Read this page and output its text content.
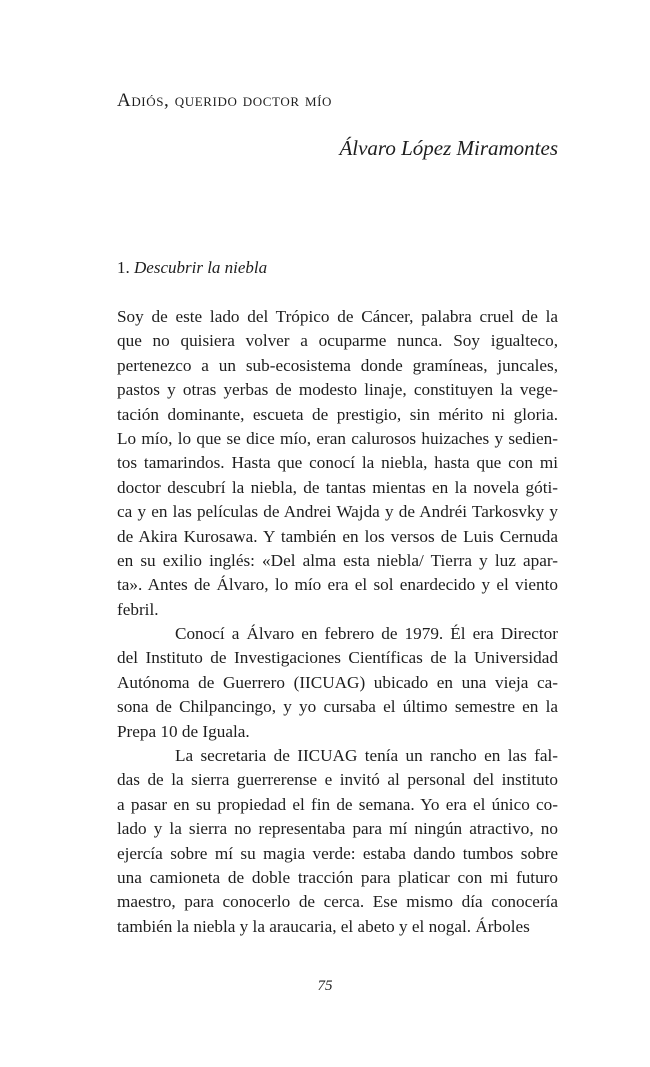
Adiós, querido doctor mío
Álvaro López Miramontes
1. Descubrir la niebla
Soy de este lado del Trópico de Cáncer, palabra cruel de la
que no quisiera volver a ocuparme nunca. Soy igualteco,
pertenezco a un sub-ecosistema donde gramíneas, juncales,
pastos y otras yerbas de modesto linaje, constituyen la vege-
tación dominante, escueta de prestigio, sin mérito ni gloria.
Lo mío, lo que se dice mío, eran calurosos huizaches y sedien-
tos tamarindos. Hasta que conocí la niebla, hasta que con mi
doctor descubrí la niebla, de tantas mientas en la novela góti-
ca y en las películas de Andrei Wajda y de Andréi Tarkosvky y
de Akira Kurosawa. Y también en los versos de Luis Cernuda
en su exilio inglés: «Del alma esta niebla/ Tierra y luz apar-
ta». Antes de Álvaro, lo mío era el sol enardecido y el viento
febril.
Conocí a Álvaro en febrero de 1979. Él era Director
del Instituto de Investigaciones Científicas de la Universidad
Autónoma de Guerrero (IICUAG) ubicado en una vieja ca-
sona de Chilpancingo, y yo cursaba el último semestre en la
Prepa 10 de Iguala.
La secretaria de IICUAG tenía un rancho en las fal-
das de la sierra guerrerense e invitó al personal del instituto
a pasar en su propiedad el fin de semana. Yo era el único co-
lado y la sierra no representaba para mí ningún atractivo, no
ejercía sobre mí su magia verde: estaba dando tumbos sobre
una camioneta de doble tracción para platicar con mi futuro
maestro, para conocerlo de cerca. Ese mismo día conocería
también la niebla y la araucaria, el abeto y el nogal. Árboles
75
